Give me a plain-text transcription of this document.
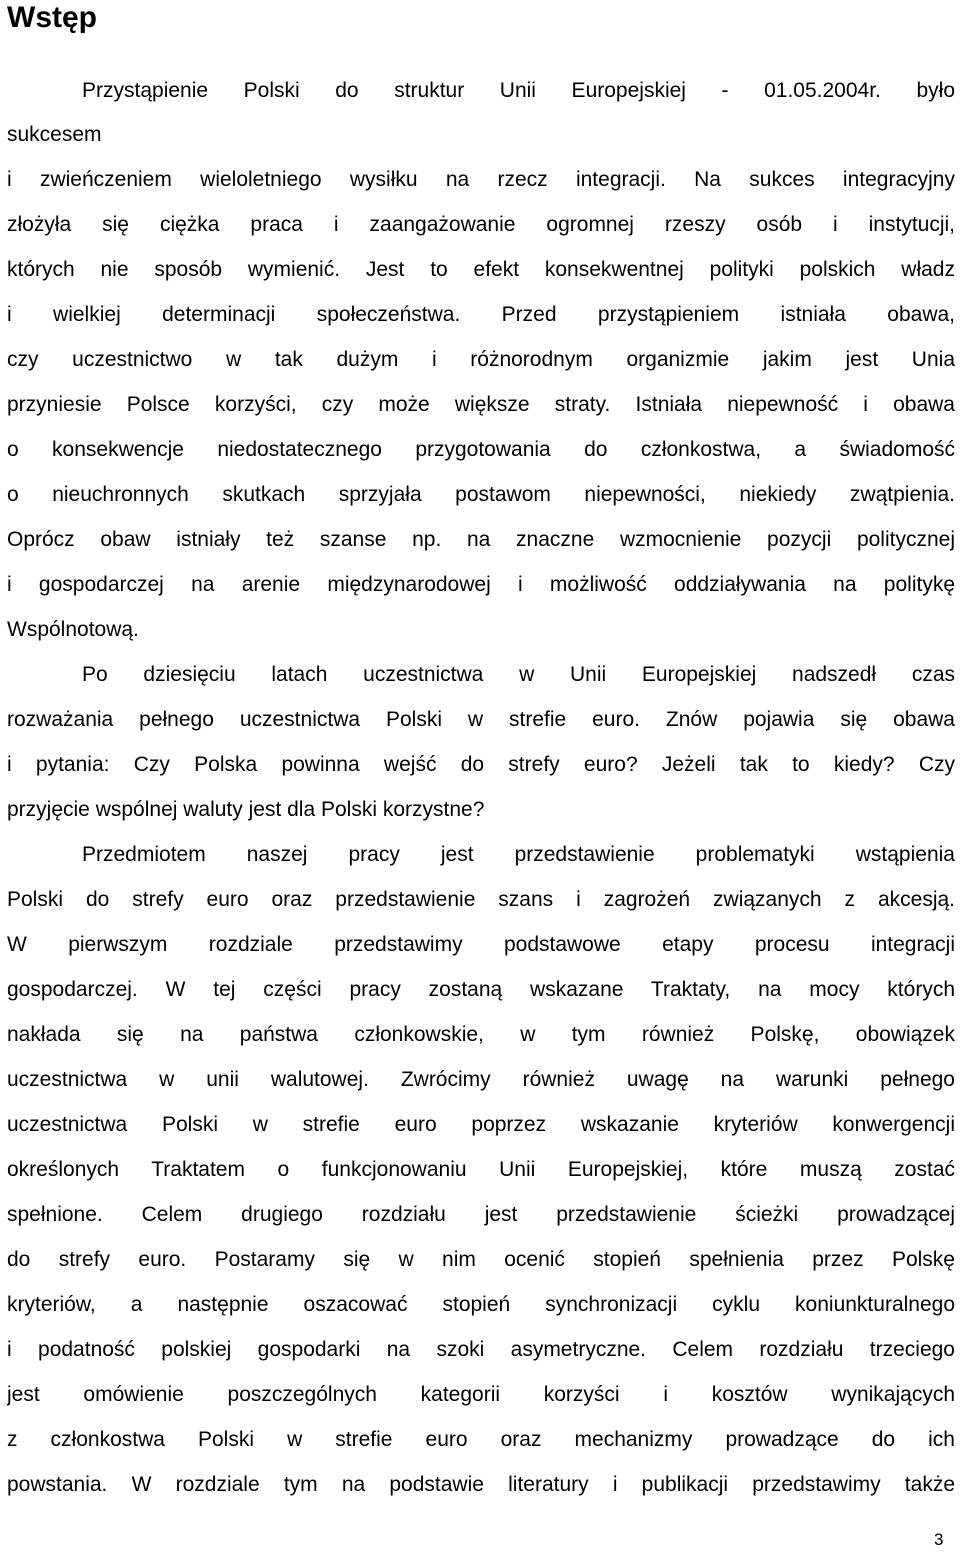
Wstęp
Przystąpienie Polski do struktur Unii Europejskiej - 01.05.2004r. było
sukcesem
i zwieńczeniem wieloletniego wysiłku na rzecz integracji. Na sukces integracyjny
złożyła się ciężka praca i zaangażowanie ogromnej rzeszy osób i instytucji,
których nie sposób wymienić. Jest to efekt konsekwentnej polityki polskich władz
i wielkiej determinacji społeczeństwa. Przed przystąpieniem istniała obawa,
czy uczestnictwo w tak dużym i różnorodnym organizmie jakim jest Unia
przyniesie Polsce korzyści, czy może większe straty. Istniała niepewność i obawa
o konsekwencje niedostatecznego przygotowania do członkostwa, a świadomość
o nieuchronnych skutkach sprzyjała postawom niepewności, niekiedy zwątpienia.
Oprócz obaw istniały też szanse np. na znaczne wzmocnienie pozycji politycznej
i gospodarczej na arenie międzynarodowej i możliwość oddziaływania na politykę
Wspólnotową.
Po dziesięciu latach uczestnictwa w Unii Europejskiej nadszedł czas
rozważania pełnego uczestnictwa Polski w strefie euro. Znów pojawia się obawa
i pytania: Czy Polska powinna wejść do strefy euro? Jeżeli tak to kiedy? Czy
przyjęcie wspólnej waluty jest dla Polski korzystne?
Przedmiotem naszej pracy jest przedstawienie problematyki wstąpienia
Polski do strefy euro oraz przedstawienie szans i zagrożeń związanych z akcesją.
W pierwszym rozdziale przedstawimy podstawowe etapy procesu integracji
gospodarczej. W tej części pracy zostaną wskazane Traktaty, na mocy których
nakłada się na państwa członkowskie, w tym również Polskę, obowiązek
uczestnictwa w unii walutowej. Zwrócimy również uwagę na warunki pełnego
uczestnictwa Polski w strefie euro poprzez wskazanie kryteriów konwergencji
określonych Traktatem o funkcjonowaniu Unii Europejskiej, które muszą zostać
spełnione. Celem drugiego rozdziału jest przedstawienie ścieżki prowadzącej
do strefy euro. Postaramy się w nim ocenić stopień spełnienia przez Polskę
kryteriów, a następnie oszacować stopień synchronizacji cyklu koniunkturalnego
i podatność polskiej gospodarki na szoki asymetryczne. Celem rozdziału trzeciego
jest omówienie poszczególnych kategorii korzyści i kosztów wynikających
z członkostwa Polski w strefie euro oraz mechanizmy prowadzące do ich
powstania. W rozdziale tym na podstawie literatury i publikacji przedstawimy także
3
